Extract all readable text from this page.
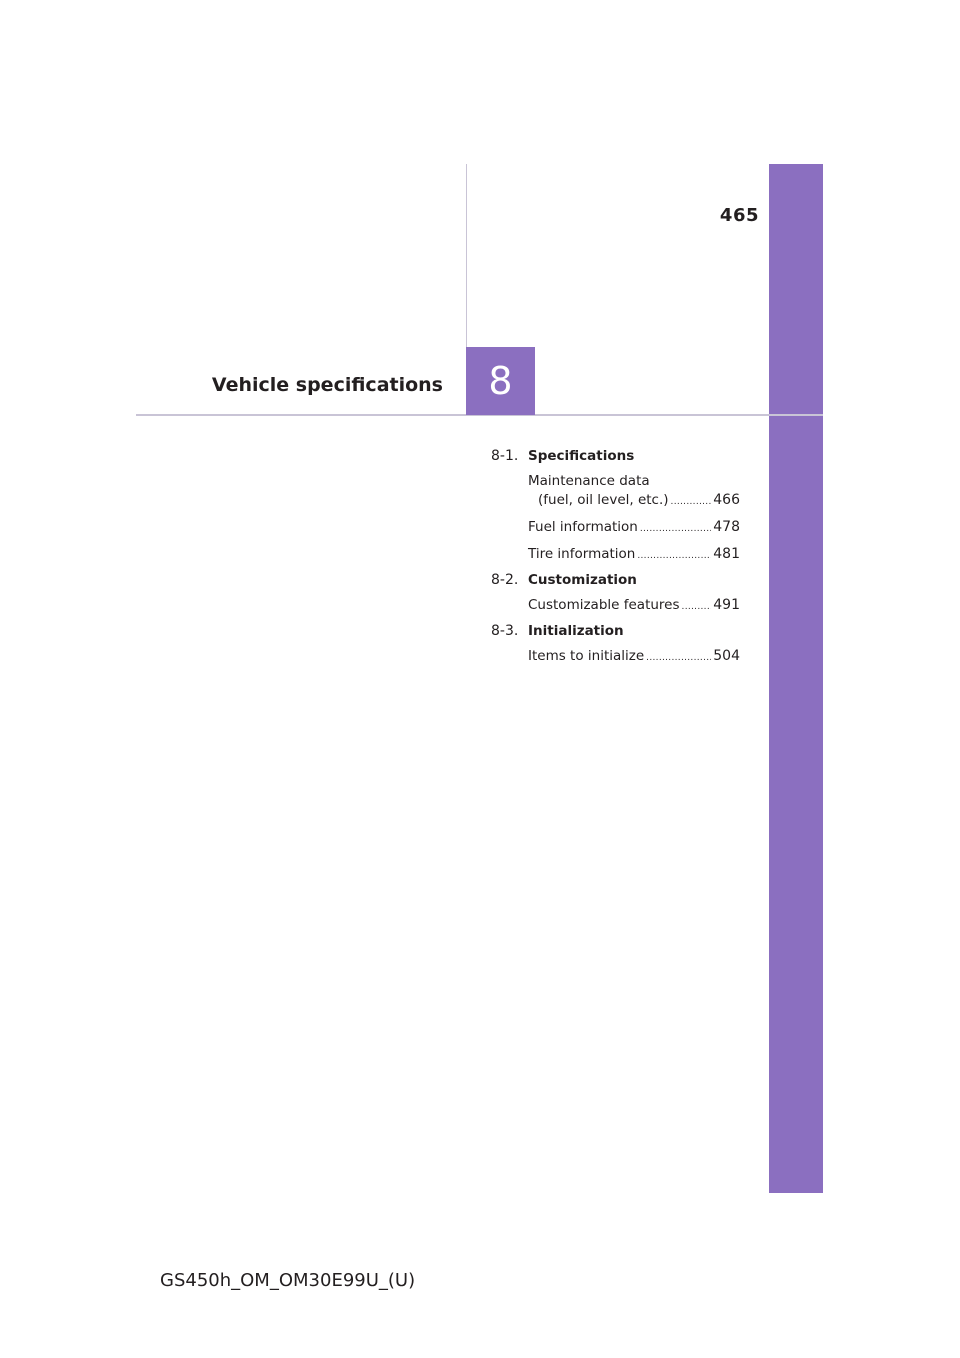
465
Vehicle specifications 8
8-1. Specifications
Maintenance data
(fuel, oil level, etc.) .....	466
Fuel information .....	478
Tire information .....	481
8-2. Customization
Customizable features ..... 491
8-3. Initialization
Items to initialize .....	504
GS450h_OM_OM30E99U_(U)
